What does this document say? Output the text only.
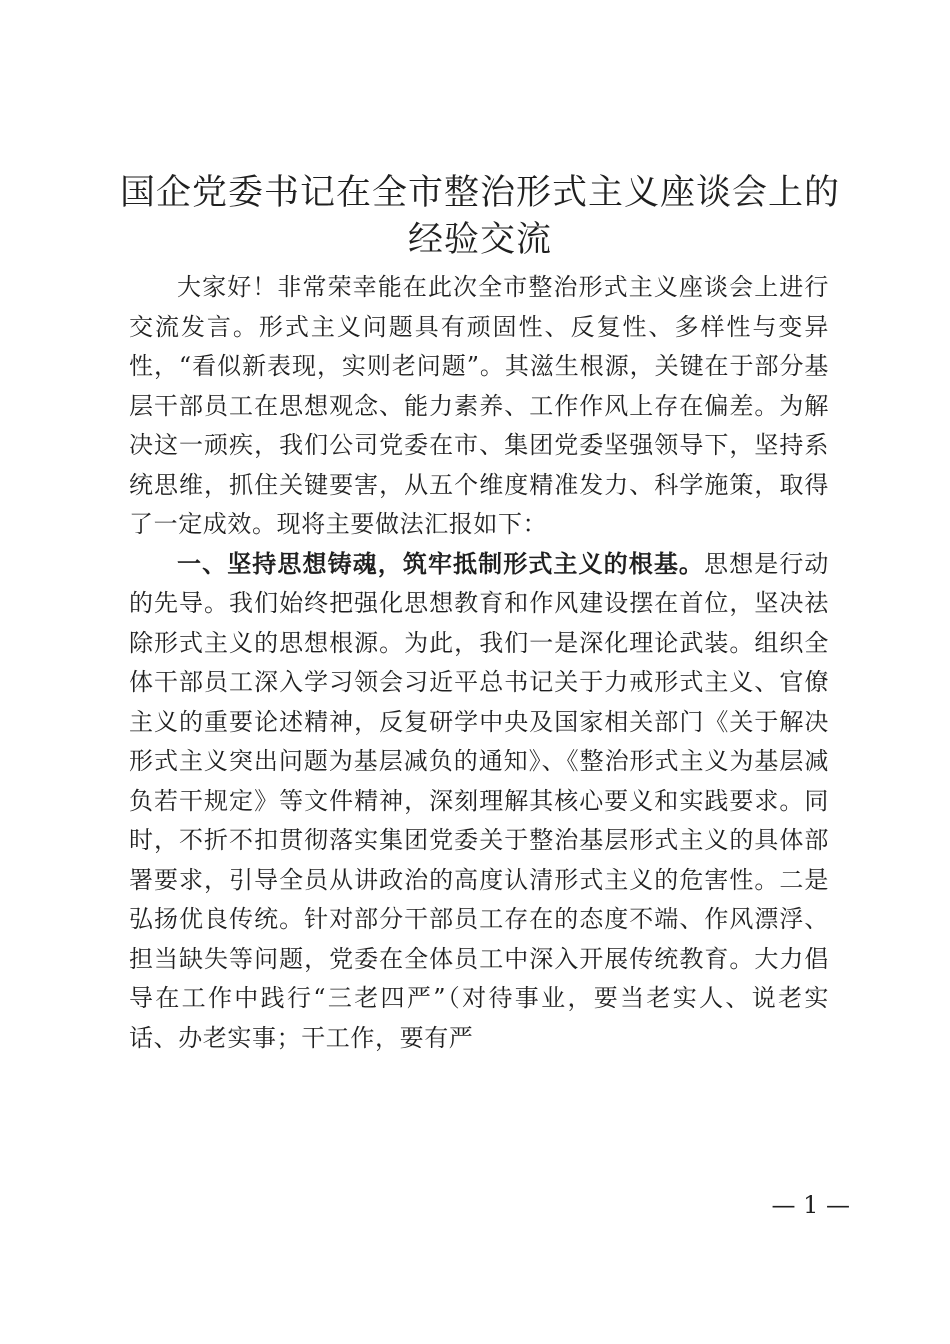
国企党委书记在全市整治形式主义座谈会上的
经验交流

大家好！非常荣幸能在此次全市整治形式主义座谈会上进行交流发言。形式主义问题具有顽固性、反复性、多样性与变异性，“看似新表现，实则老问题”。其滋生根源，关键在于部分基层干部员工在思想观念、能力素养、工作作风上存在偏差。为解决这一顽疾，我们公司党委在市、集团党委坚强领导下，坚持系统思维，抓住关键要害，从五个维度精准发力、科学施策，取得了一定成效。现将主要做法汇报如下：

一、坚持思想铸魂，筑牢抵制形式主义的根基。思想是行动的先导。我们始终把强化思想教育和作风建设摆在首位，坚决祛除形式主义的思想根源。为此，我们一是深化理论武装。组织全体干部员工深入学习领会习近平总书记关于力戒形式主义、官僚主义的重要论述精神，反复研学中央及国家相关部门《关于解决形式主义突出问题为基层减负的通知》、《整治形式主义为基层减负若干规定》等文件精神，深刻理解其核心要义和实践要求。同时，不折不扣贯彻落实集团党委关于整治基层形式主义的具体部署要求，引导全员从讲政治的高度认清形式主义的危害性。二是弘扬优良传统。针对部分干部员工存在的态度不端、作风漂浮、担当缺失等问题，党委在全体员工中深入开展传统教育。大力倡导在工作中践行“三老四严”（对待事业，要当老实人、说老实话、办老实事；干工作，要有严

— 1 —
